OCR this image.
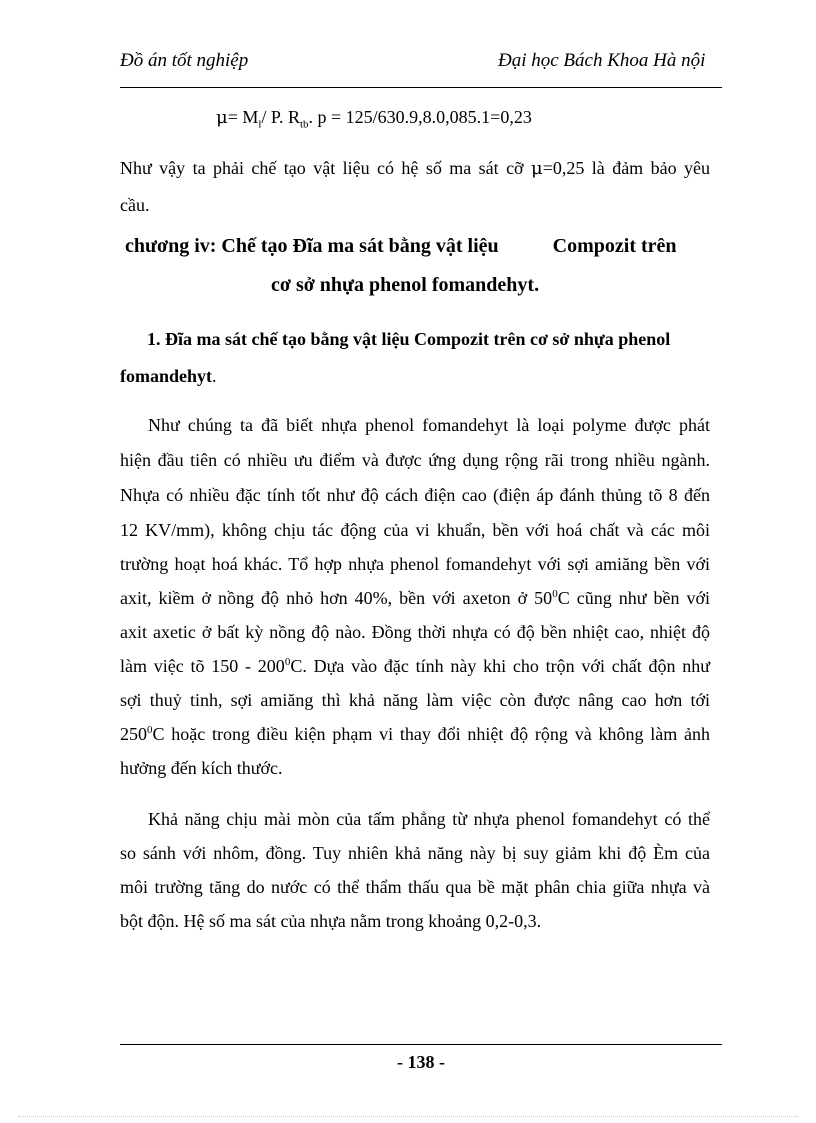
Đồ án tốt nghiệp	Đại học Bách Khoa Hà nội
$\mu= M_l/$ P. $R_{tb}$. p = 125/630.9,8.0,085.1=0,23
Như vậy ta phải chế tạo vật liệu có hệ số ma sát cỡ μ=0,25 là đảm bảo yêu
cầu.
chương iv: Chế tạo Đĩa ma sát bằng vật liệu	Compozit trên
cơ sở nhựa phenol fomandehyt.
1. Đĩa ma sát chế tạo bằng vật liệu Compozit trên cơ sở nhựa phenol
fomandehyt.
Như chúng ta đã biết nhựa phenol fomandehyt là loại polyme được phát
hiện đầu tiên có nhiều ưu điểm và được ứng dụng rộng rãi trong nhiều ngành.
Nhựa có nhiều đặc tính tốt như độ cách điện cao (điện áp đánh thủng tõ 8 đến
12 KV/mm), không chịu tác động của vi khuẩn, bền với hoá chất và các môi
trường hoạt hoá khác. Tổ hợp nhựa phenol fomandehyt với sợi amiăng bền với
axit, kiềm ở nồng độ nhỏ hơn 40%, bền với axeton ở $50^0C$ cũng như bền với
axit axetic ở bất kỳ nồng độ nào. Đồng thời nhựa có độ bền nhiệt cao, nhiệt độ
làm việc tõ $150 - 200^0C$. Dựa vào đặc tính này khi cho trộn với chất độn như
sợi thuỷ tinh, sợi amiăng thì khả năng làm việc còn được nâng cao hơn tới
$250^0C$ hoặc trong điều kiện phạm vi thay đổi nhiệt độ rộng và không làm ảnh
hưởng đến kích thước.
Khả năng chịu mài mòn của tấm phẳng từ nhựa phenol fomandehyt có thể
so sánh với nhôm, đồng. Tuy nhiên khả năng này bị suy giảm khi độ Èm của
môi trường tăng do nước có thể thẩm thấu qua bề mặt phân chia giữa nhựa và
bột độn. Hệ số ma sát của nhựa nằm trong khoảng 0,2-0,3.
- 138 -
